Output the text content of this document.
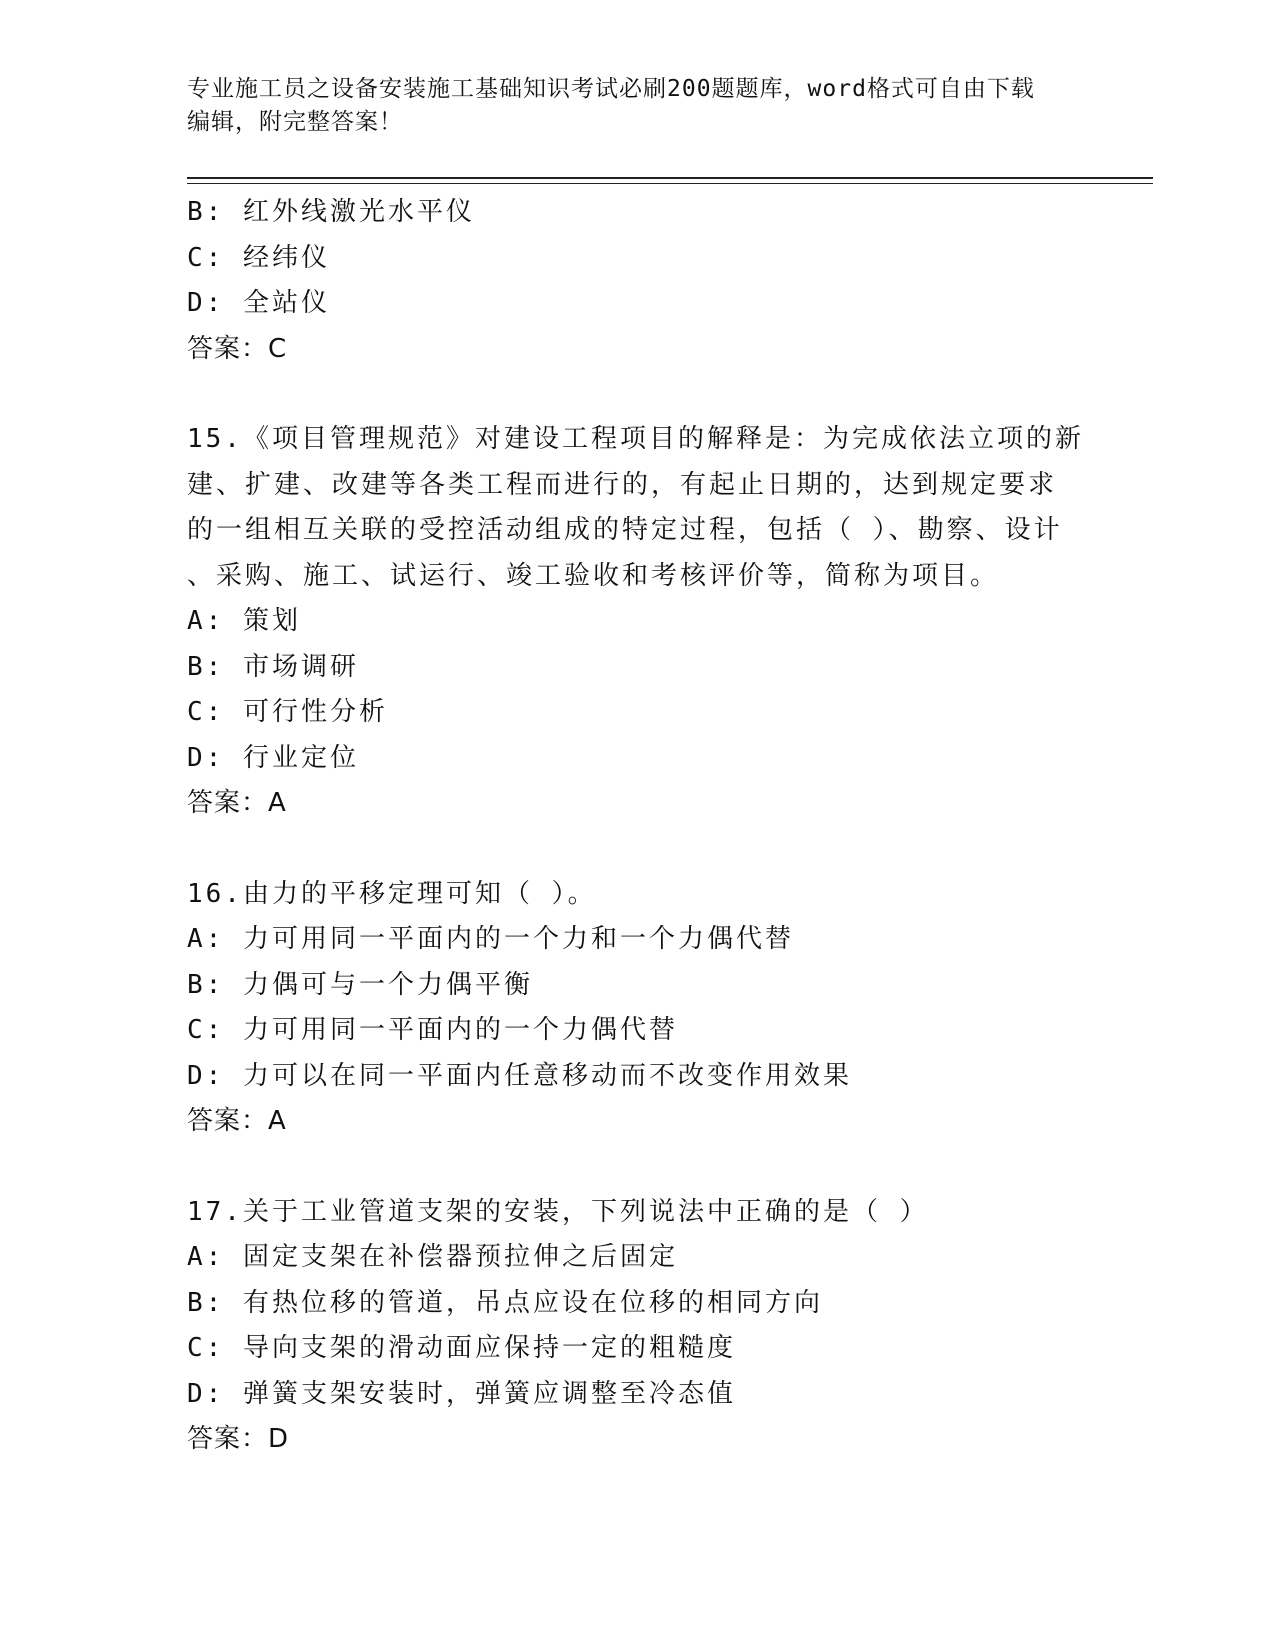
专业施工员之设备安装施工基础知识考试必刷200题题库，word格式可自由下载
编辑，附完整答案！
B: 红外线激光水平仪
C: 经纬仪
D: 全站仪
答案：C
15.《项目管理规范》对建设工程项目的解释是：为完成依法立项的新
建、扩建、改建等各类工程而进行的，有起止日期的，达到规定要求
的一组相互关联的受控活动组成的特定过程，包括（ ）、勘察、设计
、采购、施工、试运行、竣工验收和考核评价等，简称为项目。
A: 策划
B: 市场调研
C: 可行性分析
D: 行业定位
答案：A
16.由力的平移定理可知（ ）。
A: 力可用同一平面内的一个力和一个力偶代替
B: 力偶可与一个力偶平衡
C: 力可用同一平面内的一个力偶代替
D: 力可以在同一平面内任意移动而不改变作用效果
答案：A
17.关于工业管道支架的安装，下列说法中正确的是（ ）
A: 固定支架在补偿器预拉伸之后固定
B: 有热位移的管道，吊点应设在位移的相同方向
C: 导向支架的滑动面应保持一定的粗糙度
D: 弹簧支架安装时，弹簧应调整至冷态值
答案：D
